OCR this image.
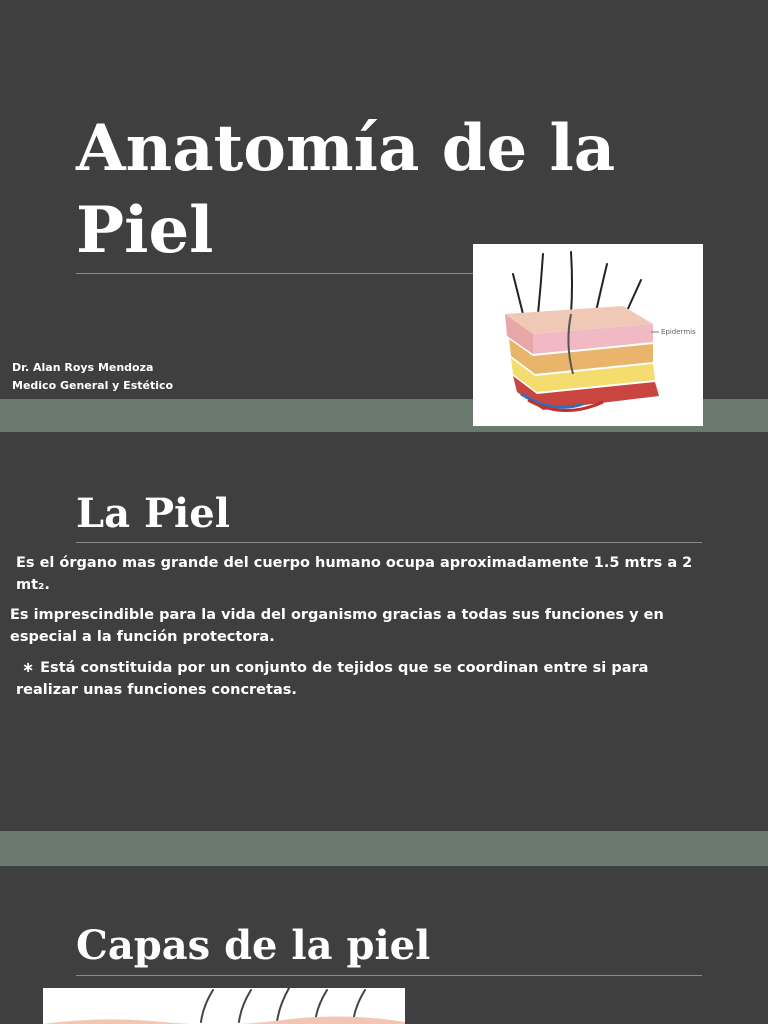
Anatomía de la Piel
Dr. Alan Roys Mendoza
Medico General y Estético
La Piel

Es el órgano mas grande del cuerpo humano ocupa aproximadamente 1.5 mtrs a 2 mt₂.

Es imprescindible para la vida del organismo gracias a todas sus funciones y en especial a la función protectora.

∗ Está constituida por un conjunto de tejidos que se coordinan entre si para realizar unas funciones concretas.

Epidermis
Capas de la piel
